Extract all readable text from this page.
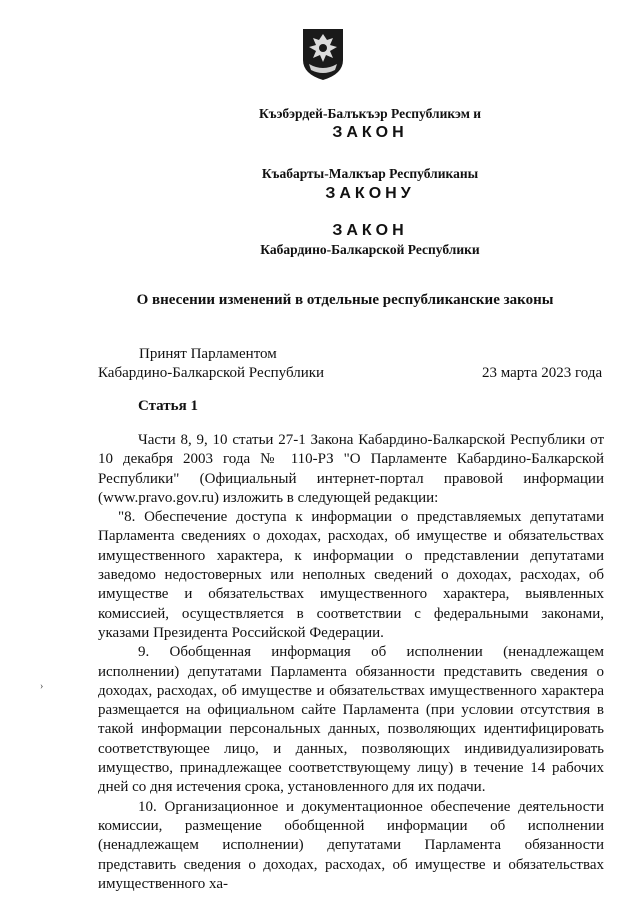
Къэбэрдей-Балъкъэр Республикэм и
ЗАКОН
Къабарты-Малкъар Республиканы
ЗАКОНУ
ЗАКОН
Кабардино-Балкарской Республики
О внесении изменений в отдельные республиканские законы
Принят Парламентом
Кабардино-Балкарской Республики	23 марта 2023 года
Статья 1

Части 8, 9, 10 статьи 27-1 Закона Кабардино-Балкарской Республики от 10 декабря 2003 года № 110-РЗ "О Парламенте Кабардино-Балкарской Республики" (Официальный интернет-портал правовой информации (www.pravo.gov.ru) изложить в следующей редакции:

"8. Обеспечение доступа к информации о представляемых депутатами Парламента сведениях о доходах, расходах, об имуществе и обязательствах имущественного характера, к информации о представлении депутатами заведомо недостоверных или неполных сведений о доходах, расходах, об имуществе и обязательствах имущественного характера, выявленных комиссией, осуществляется в соответствии с федеральными законами, указами Президента Российской Федерации.

9. Обобщенная информация об исполнении (ненадлежащем исполнении) депутатами Парламента обязанности представить сведения о доходах, расходах, об имуществе и обязательствах имущественного характера размещается на официальном сайте Парламента (при условии отсутствия в такой информации персональных данных, позволяющих идентифицировать соответствующее лицо, и данных, позволяющих индивидуализировать имущество, принадлежащее соответствующему лицу) в течение 14 рабочих дней со дня истечения срока, установленного для их подачи.

10. Организационное и документационное обеспечение деятельности комиссии, размещение обобщенной информации об исполнении (ненадлежащем исполнении) депутатами Парламента обязанности представить сведения о доходах, расходах, об имуществе и обязательствах имущественного ха-

›
